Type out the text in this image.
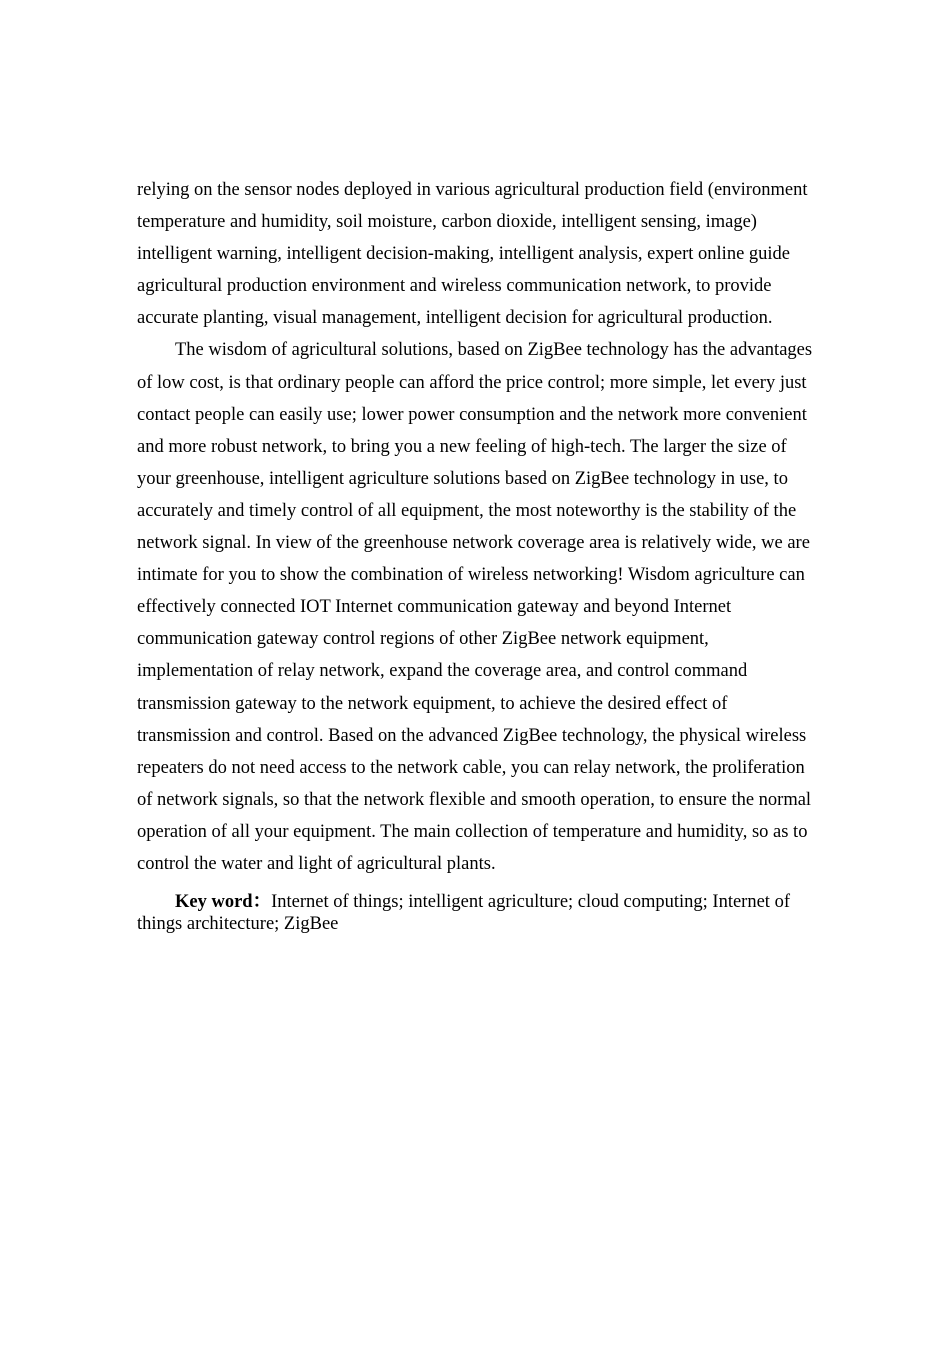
relying on the sensor nodes deployed in various agricultural production field (environment temperature and humidity, soil moisture, carbon dioxide, intelligent sensing, image) intelligent warning, intelligent decision-making, intelligent analysis, expert online guide agricultural production environment and wireless communication network, to provide accurate planting, visual management, intelligent decision for agricultural production.

The wisdom of agricultural solutions, based on ZigBee technology has the advantages of low cost, is that ordinary people can afford the price control; more simple, let every just contact people can easily use; lower power consumption and the network more convenient and more robust network, to bring you a new feeling of high-tech. The larger the size of your greenhouse, intelligent agriculture solutions based on ZigBee technology in use, to accurately and timely control of all equipment, the most noteworthy is the stability of the network signal. In view of the greenhouse network coverage area is relatively wide, we are intimate for you to show the combination of wireless networking! Wisdom agriculture can effectively connected IOT Internet communication gateway and beyond Internet communication gateway control regions of other ZigBee network equipment, implementation of relay network, expand the coverage area, and control command transmission gateway to the network equipment, to achieve the desired effect of transmission and control. Based on the advanced ZigBee technology, the physical wireless repeaters do not need access to the network cable, you can relay network, the proliferation of network signals, so that the network flexible and smooth operation, to ensure the normal operation of all your equipment. The main collection of temperature and humidity, so as to control the water and light of agricultural plants.

Key word：Internet of things; intelligent agriculture; cloud computing; Internet of things architecture; ZigBee
